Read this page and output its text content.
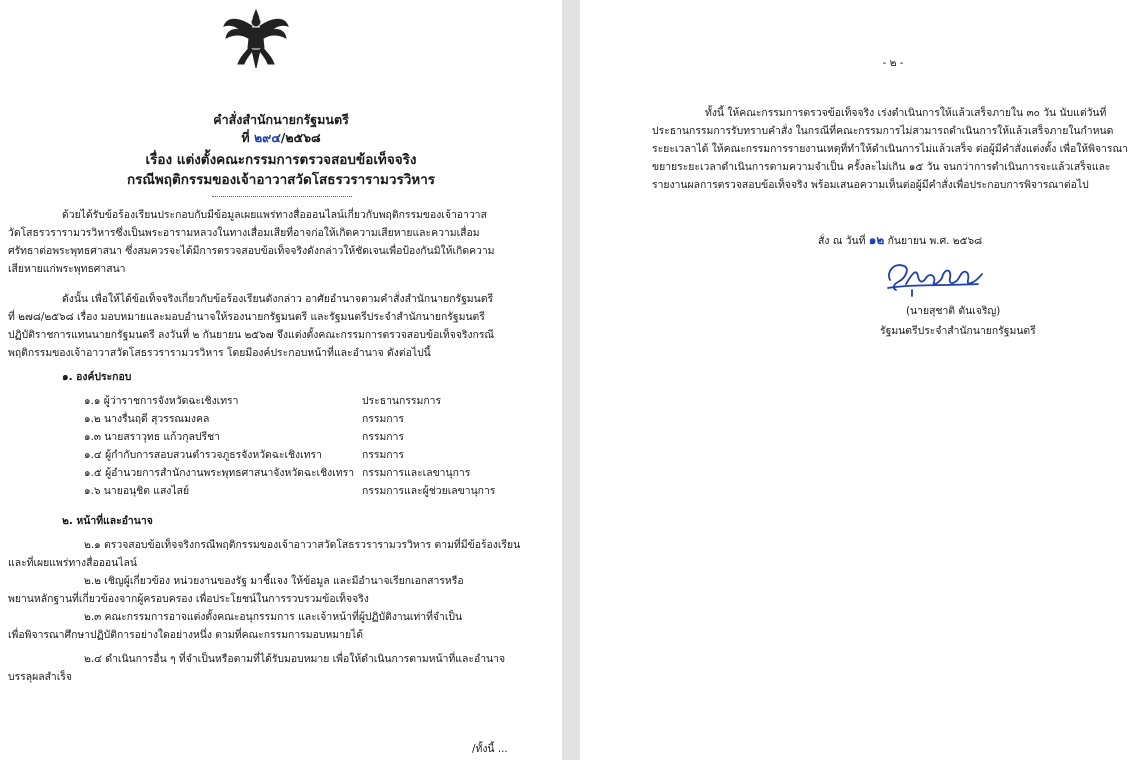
คำสั่งสำนักนายกรัฐมนตรี
ที่ ๒๙๔/๒๕๖๘
เรื่อง แต่งตั้งคณะกรรมการตรวจสอบข้อเท็จจริง
กรณีพฤติกรรมของเจ้าอาวาสวัดโสธรวรารามวรวิหาร
ด้วยได้รับข้อร้องเรียนประกอบกับมีข้อมูลเผยแพร่ทางสื่อออนไลน์เกี่ยวกับพฤติกรรมของเจ้าอาวาส
วัดโสธรวรารามวรวิหารซึ่งเป็นพระอารามหลวงในทางเสื่อมเสียที่อาจก่อให้เกิดความเสียหายและความเสื่อม
ศรัทธาต่อพระพุทธศาสนา ซึ่งสมควรจะได้มีการตรวจสอบข้อเท็จจริงดังกล่าวให้ชัดเจนเพื่อป้องกันมิให้เกิดความ
เสียหายแก่พระพุทธศาสนา
ดังนั้น เพื่อให้ได้ข้อเท็จจริงเกี่ยวกับข้อร้องเรียนดังกล่าว อาศัยอำนาจตามคำสั่งสำนักนายกรัฐมนตรี
ที่ ๒๗๘/๒๕๖๘ เรื่อง มอบหมายและมอบอำนาจให้รองนายกรัฐมนตรี และรัฐมนตรีประจำสำนักนายกรัฐมนตรี
ปฏิบัติราชการแทนนายกรัฐมนตรี ลงวันที่ ๒ กันยายน ๒๕๖๗ จึงแต่งตั้งคณะกรรมการตรวจสอบข้อเท็จจริงกรณี
พฤติกรรมของเจ้าอาวาสวัดโสธรวรารามวรวิหาร โดยมีองค์ประกอบหน้าที่และอำนาจ ดังต่อไปนี้
๑. องค์ประกอบ
๑.๑ ผู้ว่าราชการจังหวัดฉะเชิงเทรา	ประธานกรรมการ
๑.๒ นางรื่นฤดี สุวรรณมงคล	กรรมการ
๑.๓ นายสราวุทธ แก้วกุลปรีชา	กรรมการ
๑.๔ ผู้กำกับการสอบสวนตำรวจภูธรจังหวัดฉะเชิงเทรา	กรรมการ
๑.๕ ผู้อำนวยการสำนักงานพระพุทธศาสนาจังหวัดฉะเชิงเทรา กรรมการและเลขานุการ
๑.๖ นายอนุชิต แสงไสย์	กรรมการและผู้ช่วยเลขานุการ
๒. หน้าที่และอำนาจ
๒.๑ ตรวจสอบข้อเท็จจริงกรณีพฤติกรรมของเจ้าอาวาสวัดโสธรวรารามวรวิหาร ตามที่มีข้อร้องเรียน
และที่เผยแพร่ทางสื่อออนไลน์
๒.๒ เชิญผู้เกี่ยวข้อง หน่วยงานของรัฐ มาชี้แจง ให้ข้อมูล และมีอำนาจเรียกเอกสารหรือ
พยานหลักฐานที่เกี่ยวข้องจากผู้ครอบครอง เพื่อประโยชน์ในการรวบรวมข้อเท็จจริง
๒.๓ คณะกรรมการอาจแต่งตั้งคณะอนุกรรมการ และเจ้าหน้าที่ผู้ปฏิบัติงานเท่าที่จำเป็น
เพื่อพิจารณาศึกษาปฏิบัติการอย่างใดอย่างหนึ่ง ตามที่คณะกรรมการมอบหมายได้
๒.๔ ดำเนินการอื่น ๆ ที่จำเป็นหรือตามที่ได้รับมอบหมาย เพื่อให้ดำเนินการตามหน้าที่และอำนาจ
บรรลุผลสำเร็จ
/ทั้งนี้ ...
- ๒ -
ทั้งนี้ ให้คณะกรรมการตรวจข้อเท็จจริง เร่งดำเนินการให้แล้วเสร็จภายใน ๓๐ วัน นับแต่วันที่
ประธานกรรมการรับทราบคำสั่ง ในกรณีที่คณะกรรมการไม่สามารถดำเนินการให้แล้วเสร็จภายในกำหนด
ระยะเวลาได้ ให้คณะกรรมการรายงานเหตุที่ทำให้ดำเนินการไม่แล้วเสร็จ ต่อผู้มีคำสั่งแต่งตั้ง เพื่อให้พิจารณา
ขยายระยะเวลาดำเนินการตามความจำเป็น ครั้งละไม่เกิน ๑๕ วัน จนกว่าการดำเนินการจะแล้วเสร็จและ
รายงานผลการตรวจสอบข้อเท็จจริง พร้อมเสนอความเห็นต่อผู้มีคำสั่งเพื่อประกอบการพิจารณาต่อไป
สั่ง ณ วันที่ ๑๒ กันยายน พ.ศ. ๒๕๖๘
(นายสุชาติ ตันเจริญ)
รัฐมนตรีประจำสำนักนายกรัฐมนตรี
